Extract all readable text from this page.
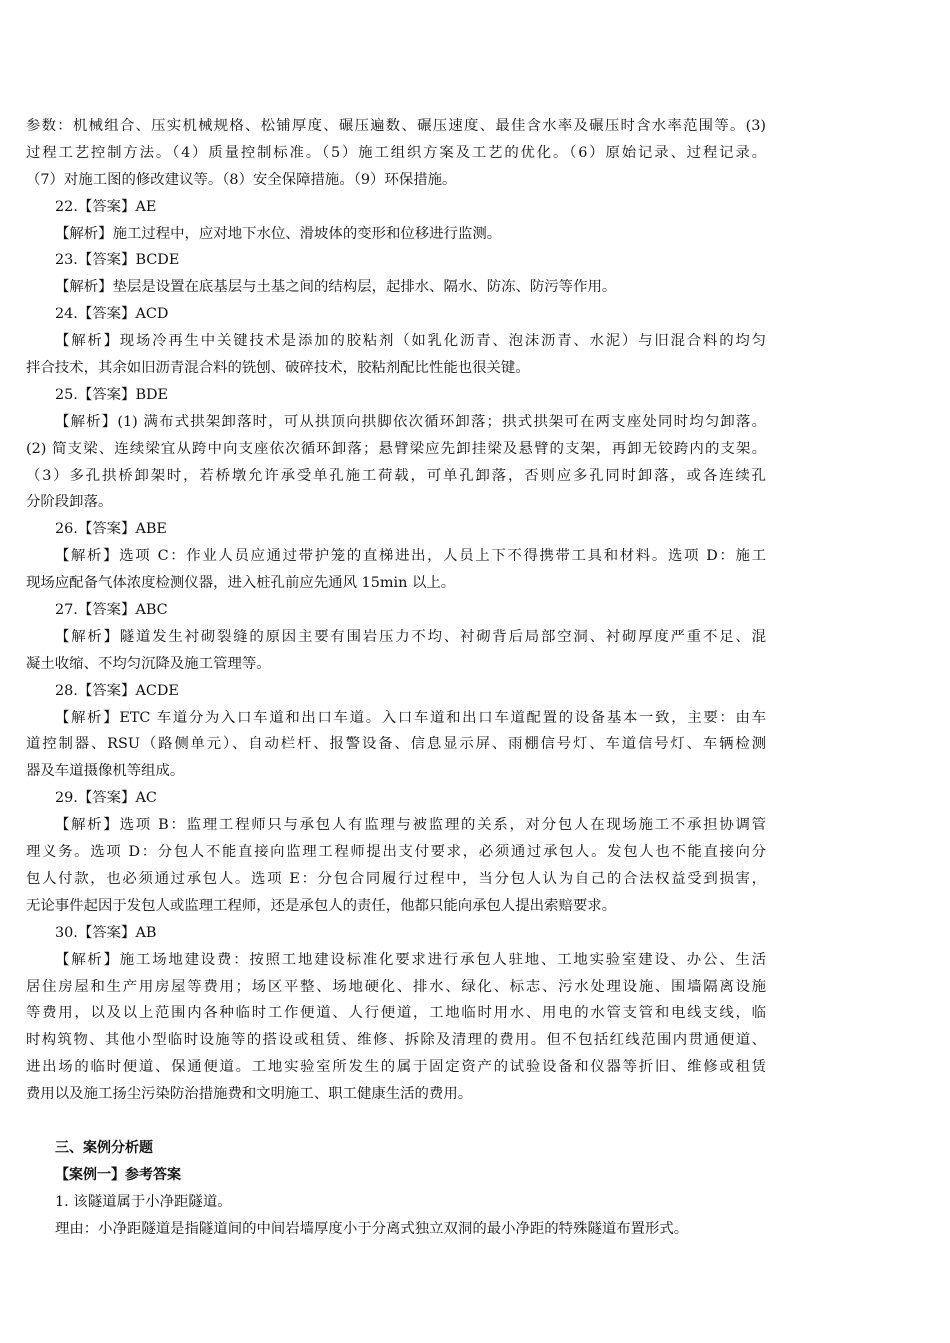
参数：机械组合、压实机械规格、松铺厚度、碾压遍数、碾压速度、最佳含水率及碾压时含水率范围等。(3)
过程工艺控制方法。（4）质量控制标准。（5）施工组织方案及工艺的优化。（6）原始记录、过程记录。
（7）对施工图的修改建议等。（8）安全保障措施。（9）环保措施。
22.【答案】AE
【解析】施工过程中，应对地下水位、滑坡体的变形和位移进行监测。
23.【答案】BCDE
【解析】垫层是设置在底基层与土基之间的结构层，起排水、隔水、防冻、防污等作用。
24.【答案】ACD
【解析】现场冷再生中关键技术是添加的胶粘剂（如乳化沥青、泡沫沥青、水泥）与旧混合料的均匀
拌合技术，其余如旧沥青混合料的铣刨、破碎技术，胶粘剂配比性能也很关键。
25.【答案】BDE
【解析】(1) 满布式拱架卸落时，可从拱顶向拱脚依次循环卸落；拱式拱架可在两支座处同时均匀卸落。
(2) 简支梁、连续梁宜从跨中向支座依次循环卸落；悬臂梁应先卸挂梁及悬臂的支架，再卸无铰跨内的支架。
（3）多孔拱桥卸架时，若桥墩允许承受单孔施工荷载，可单孔卸落，否则应多孔同时卸落，或各连续孔
分阶段卸落。
26.【答案】ABE
【解析】选项 C：作业人员应通过带护笼的直梯进出，人员上下不得携带工具和材料。选项 D：施工
现场应配备气体浓度检测仪器，进入桩孔前应先通风 15min 以上。
27.【答案】ABC
【解析】隧道发生衬砌裂缝的原因主要有围岩压力不均、衬砌背后局部空洞、衬砌厚度严重不足、混
凝土收缩、不均匀沉降及施工管理等。
28.【答案】ACDE
【解析】ETC 车道分为入口车道和出口车道。入口车道和出口车道配置的设备基本一致，主要：由车
道控制器、RSU（路侧单元）、自动栏杆、报警设备、信息显示屏、雨棚信号灯、车道信号灯、车辆检测
器及车道摄像机等组成。
29.【答案】AC
【解析】选项 B：监理工程师只与承包人有监理与被监理的关系，对分包人在现场施工不承担协调管
理义务。选项 D：分包人不能直接向监理工程师提出支付要求，必须通过承包人。发包人也不能直接向分
包人付款，也必须通过承包人。选项 E：分包合同履行过程中，当分包人认为自己的合法权益受到损害，
无论事件起因于发包人或监理工程师，还是承包人的责任，他都只能向承包人提出索赔要求。
30.【答案】AB
【解析】施工场地建设费：按照工地建设标准化要求进行承包人驻地、工地实验室建设、办公、生活
居住房屋和生产用房屋等费用；场区平整、场地硬化、排水、绿化、标志、污水处理设施、围墙隔离设施
等费用，以及以上范围内各种临时工作便道、人行便道，工地临时用水、用电的水管支管和电线支线，临
时构筑物、其他小型临时设施等的搭设或租赁、维修、拆除及清理的费用。但不包括红线范围内贯通便道、
进出场的临时便道、保通便道。工地实验室所发生的属于固定资产的试验设备和仪器等折旧、维修或租赁
费用以及施工扬尘污染防治措施费和文明施工、职工健康生活的费用。
三、案例分析题
【案例一】参考答案
1. 该隧道属于小净距隧道。
理由：小净距隧道是指隧道间的中间岩墙厚度小于分离式独立双洞的最小净距的特殊隧道布置形式。
